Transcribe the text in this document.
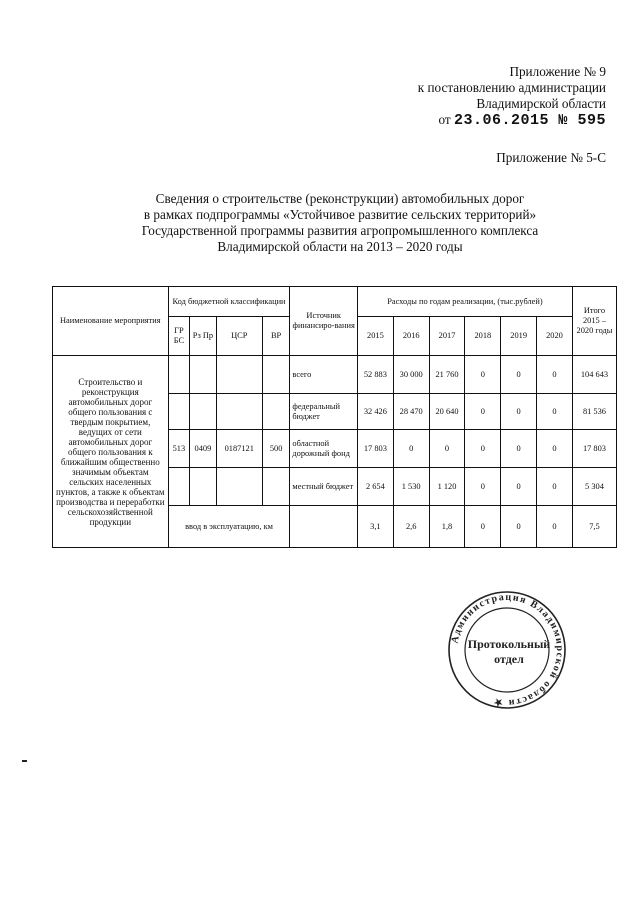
Приложение № 9
к постановлению администрации
Владимирской области
от 23.06.2015 № 595
Приложение № 5-С
Сведения о строительстве (реконструкции) автомобильных дорог
в рамках подпрограммы «Устойчивое развитие сельских территорий»
Государственной программы развития агропромышленного комплекса
Владимирской области на 2013 – 2020 годы
Наименование мероприятия	Код бюджетной классификации				Источник финансиро-вания	Расходы по годам реализации, (тыс.рублей)						Итого 2015 – 2020 годы
	ГР БС	Рз Пр	ЦСР	ВР		2015	2016	2017	2018	2019	2020	
Строительство и реконструкция автомобильных дорог общего пользования с твердым покрытием, ведущих от сети автомобильных дорог общего пользования к ближайшим общественно значимым объектам сельских населенных пунктов, а также к объектам производства и переработки сельскохозяйственной продукции					всего	52 883	30 000	21 760	0	0	0	104 643
					федеральный бюджет	32 426	28 470	20 640	0	0	0	81 536
	513	0409	0187121	500	областной дорожный фонд	17 803	0	0	0	0	0	17 803
					местный бюджет	2 654	1 530	1 120	0	0	0	5 304
	ввод в эксплуатацию, км					3,1	2,6	1,8	0	0	0	7,5
Администрация Владимирской области ★
Протокольный
отдел
